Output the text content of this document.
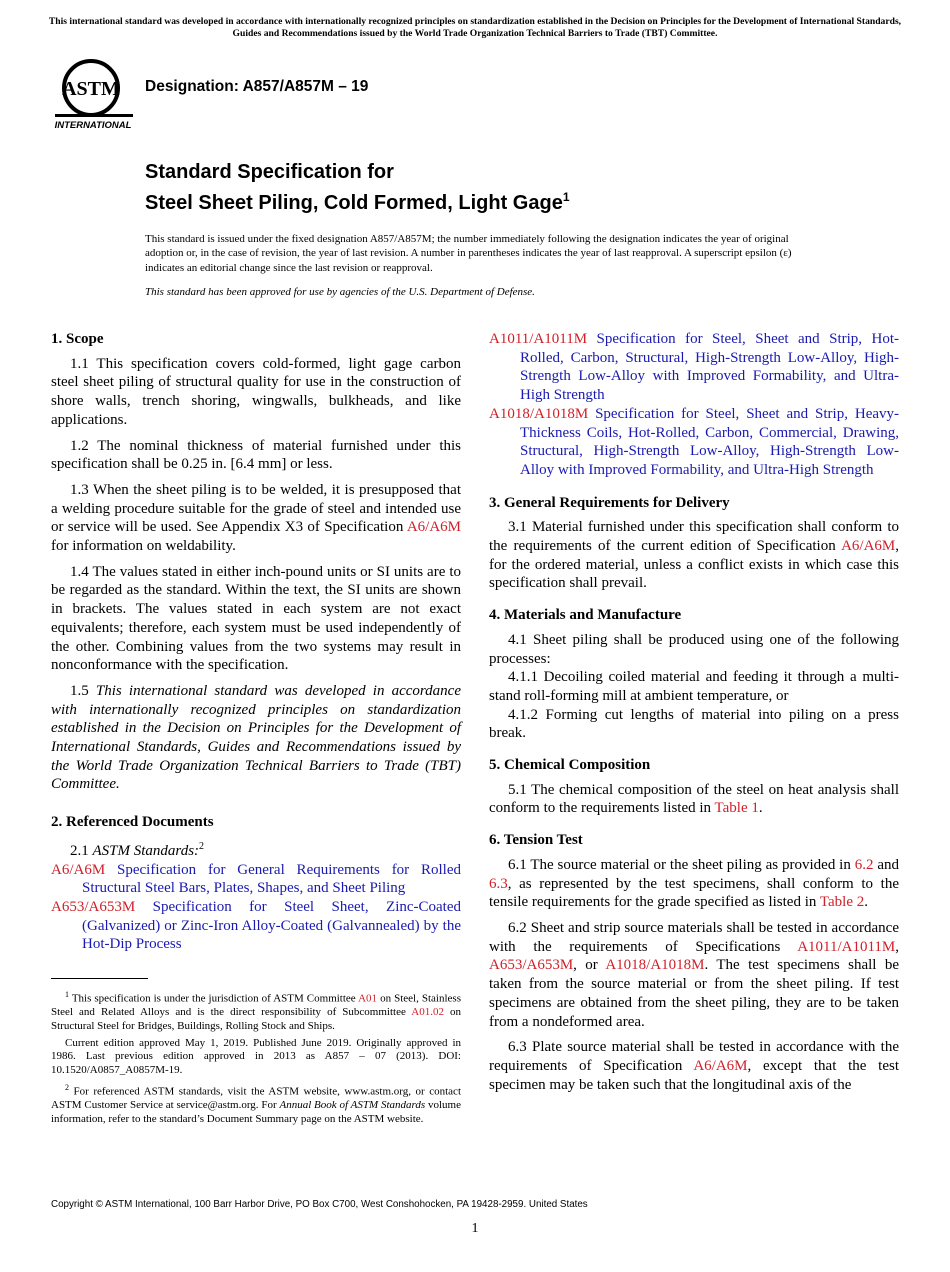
This international standard was developed in accordance with internationally recognized principles on standardization established in the Decision on Principles for the Development of International Standards, Guides and Recommendations issued by the World Trade Organization Technical Barriers to Trade (TBT) Committee.
ASTM
INTERNATIONAL
Designation: A857/A857M – 19
Standard Specification for
Steel Sheet Piling, Cold Formed, Light Gage$^1$
This standard is issued under the fixed designation A857/A857M; the number immediately following the designation indicates the year of original adoption or, in the case of revision, the year of last revision. A number in parentheses indicates the year of last reapproval. A superscript epsilon (ε) indicates an editorial change since the last revision or reapproval.
This standard has been approved for use by agencies of the U.S. Department of Defense.
1. Scope
1.1 This specification covers cold-formed, light gage carbon steel sheet piling of structural quality for use in the construction of shore walls, trench shoring, wingwalls, bulkheads, and like applications.
1.2 The nominal thickness of material furnished under this specification shall be 0.25 in. [6.4 mm] or less.
1.3 When the sheet piling is to be welded, it is presupposed that a welding procedure suitable for the grade of steel and intended use or service will be used. See Appendix X3 of Specification A6/A6M for information on weldability.
1.4 The values stated in either inch-pound units or SI units are to be regarded as the standard. Within the text, the SI units are shown in brackets. The values stated in each system are not exact equivalents; therefore, each system must be used independently of the other. Combining values from the two systems may result in nonconformance with the specification.
1.5 This international standard was developed in accordance with internationally recognized principles on standardization established in the Decision on Principles for the Development of International Standards, Guides and Recommendations issued by the World Trade Organization Technical Barriers to Trade (TBT) Committee.
2. Referenced Documents
2.1 ASTM Standards:$^2$
A6/A6M Specification for General Requirements for Rolled Structural Steel Bars, Plates, Shapes, and Sheet Piling
A653/A653M Specification for Steel Sheet, Zinc-Coated (Galvanized) or Zinc-Iron Alloy-Coated (Galvannealed) by the Hot-Dip Process
A1011/A1011M Specification for Steel, Sheet and Strip, Hot-Rolled, Carbon, Structural, High-Strength Low-Alloy, High-Strength Low-Alloy with Improved Formability, and Ultra-High Strength
A1018/A1018M Specification for Steel, Sheet and Strip, Heavy-Thickness Coils, Hot-Rolled, Carbon, Commercial, Drawing, Structural, High-Strength Low-Alloy, High-Strength Low-Alloy with Improved Formability, and Ultra-High Strength
3. General Requirements for Delivery
3.1 Material furnished under this specification shall conform to the requirements of the current edition of Specification A6/A6M, for the ordered material, unless a conflict exists in which case this specification shall prevail.
4. Materials and Manufacture
4.1 Sheet piling shall be produced using one of the following processes:
4.1.1 Decoiling coiled material and feeding it through a multi-stand roll-forming mill at ambient temperature, or
4.1.2 Forming cut lengths of material into piling on a press break.
5. Chemical Composition
5.1 The chemical composition of the steel on heat analysis shall conform to the requirements listed in Table 1.
6. Tension Test
6.1 The source material or the sheet piling as provided in 6.2 and 6.3, as represented by the test specimens, shall conform to the tensile requirements for the grade specified as listed in Table 2.
6.2 Sheet and strip source materials shall be tested in accordance with the requirements of Specifications A1011/A1011M, A653/A653M, or A1018/A1018M. The test specimens shall be taken from the source material or from the sheet piling. If test specimens are obtained from the sheet piling, they are to be taken from a nondeformed area.
6.3 Plate source material shall be tested in accordance with the requirements of Specification A6/A6M, except that the test specimen may be taken such that the longitudinal axis of the
$^1$ This specification is under the jurisdiction of ASTM Committee A01 on Steel, Stainless Steel and Related Alloys and is the direct responsibility of Subcommittee A01.02 on Structural Steel for Bridges, Buildings, Rolling Stock and Ships.
Current edition approved May 1, 2019. Published June 2019. Originally approved in 1986. Last previous edition approved in 2013 as A857 – 07 (2013). DOI: 10.1520/A0857_A0857M-19.
$^2$ For referenced ASTM standards, visit the ASTM website, www.astm.org, or contact ASTM Customer Service at service@astm.org. For Annual Book of ASTM Standards volume information, refer to the standard’s Document Summary page on the ASTM website.
Copyright © ASTM International, 100 Barr Harbor Drive, PO Box C700, West Conshohocken, PA 19428-2959. United States
1
